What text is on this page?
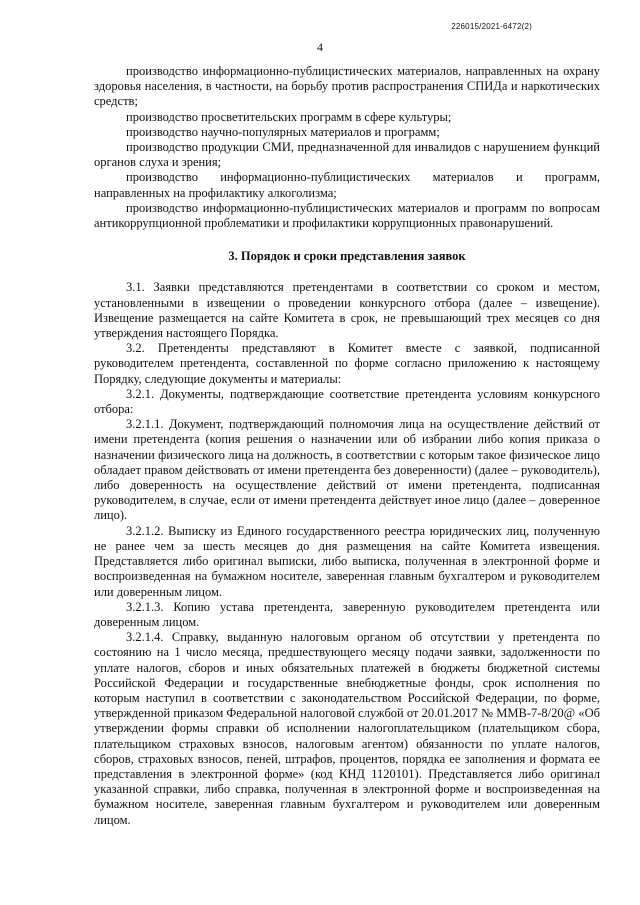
226015/2021-6472(2)
4

производство информационно-публицистических материалов, направленных на охрану здоровья населения, в частности, на борьбу против распространения СПИДа и наркотических средств;

производство просветительских программ в сфере культуры;

производство научно-популярных материалов и программ;

производство продукции СМИ, предназначенной для инвалидов с нарушением функций органов слуха и зрения;

производство информационно-публицистических материалов и программ, направленных на профилактику алкоголизма;

производство информационно-публицистических материалов и программ по вопросам антикоррупционной проблематики и профилактики коррупционных правонарушений.

3. Порядок и сроки представления заявок

3.1. Заявки представляются претендентами в соответствии со сроком и местом, установленными в извещении о проведении конкурсного отбора (далее – извещение). Извещение размещается на сайте Комитета в срок, не превышающий трех месяцев со дня утверждения настоящего Порядка.

3.2. Претенденты представляют в Комитет вместе с заявкой, подписанной руководителем претендента, составленной по форме согласно приложению к настоящему Порядку, следующие документы и материалы:

3.2.1. Документы, подтверждающие соответствие претендента условиям конкурсного отбора:

3.2.1.1. Документ, подтверждающий полномочия лица на осуществление действий от имени претендента (копия решения о назначении или об избрании либо копия приказа о назначении физического лица на должность, в соответствии с которым такое физическое лицо обладает правом действовать от имени претендента без доверенности) (далее – руководитель), либо доверенность на осуществление действий от имени претендента, подписанная руководителем, в случае, если от имени претендента действует иное лицо (далее – доверенное лицо).

3.2.1.2. Выписку из Единого государственного реестра юридических лиц, полученную не ранее чем за шесть месяцев до дня размещения на сайте Комитета извещения. Представляется либо оригинал выписки, либо выписка, полученная в электронной форме и воспроизведенная на бумажном носителе, заверенная главным бухгалтером и руководителем или доверенным лицом.

3.2.1.3. Копию устава претендента, заверенную руководителем претендента или доверенным лицом.

3.2.1.4. Справку, выданную налоговым органом об отсутствии у претендента по состоянию на 1 число месяца, предшествующего месяцу подачи заявки, задолженности по уплате налогов, сборов и иных обязательных платежей в бюджеты бюджетной системы Российской Федерации и государственные внебюджетные фонды, срок исполнения по которым наступил в соответствии с законодательством Российской Федерации, по форме, утвержденной приказом Федеральной налоговой службой от 20.01.2017 № ММВ-7-8/20@ «Об утверждении формы справки об исполнении налогоплательщиком (плательщиком сбора, плательщиком страховых взносов, налоговым агентом) обязанности по уплате налогов, сборов, страховых взносов, пеней, штрафов, процентов, порядка ее заполнения и формата ее представления в электронной форме» (код КНД 1120101). Представляется либо оригинал указанной справки, либо справка, полученная в электронной форме и воспроизведенная на бумажном носителе, заверенная главным бухгалтером и руководителем или доверенным лицом.
